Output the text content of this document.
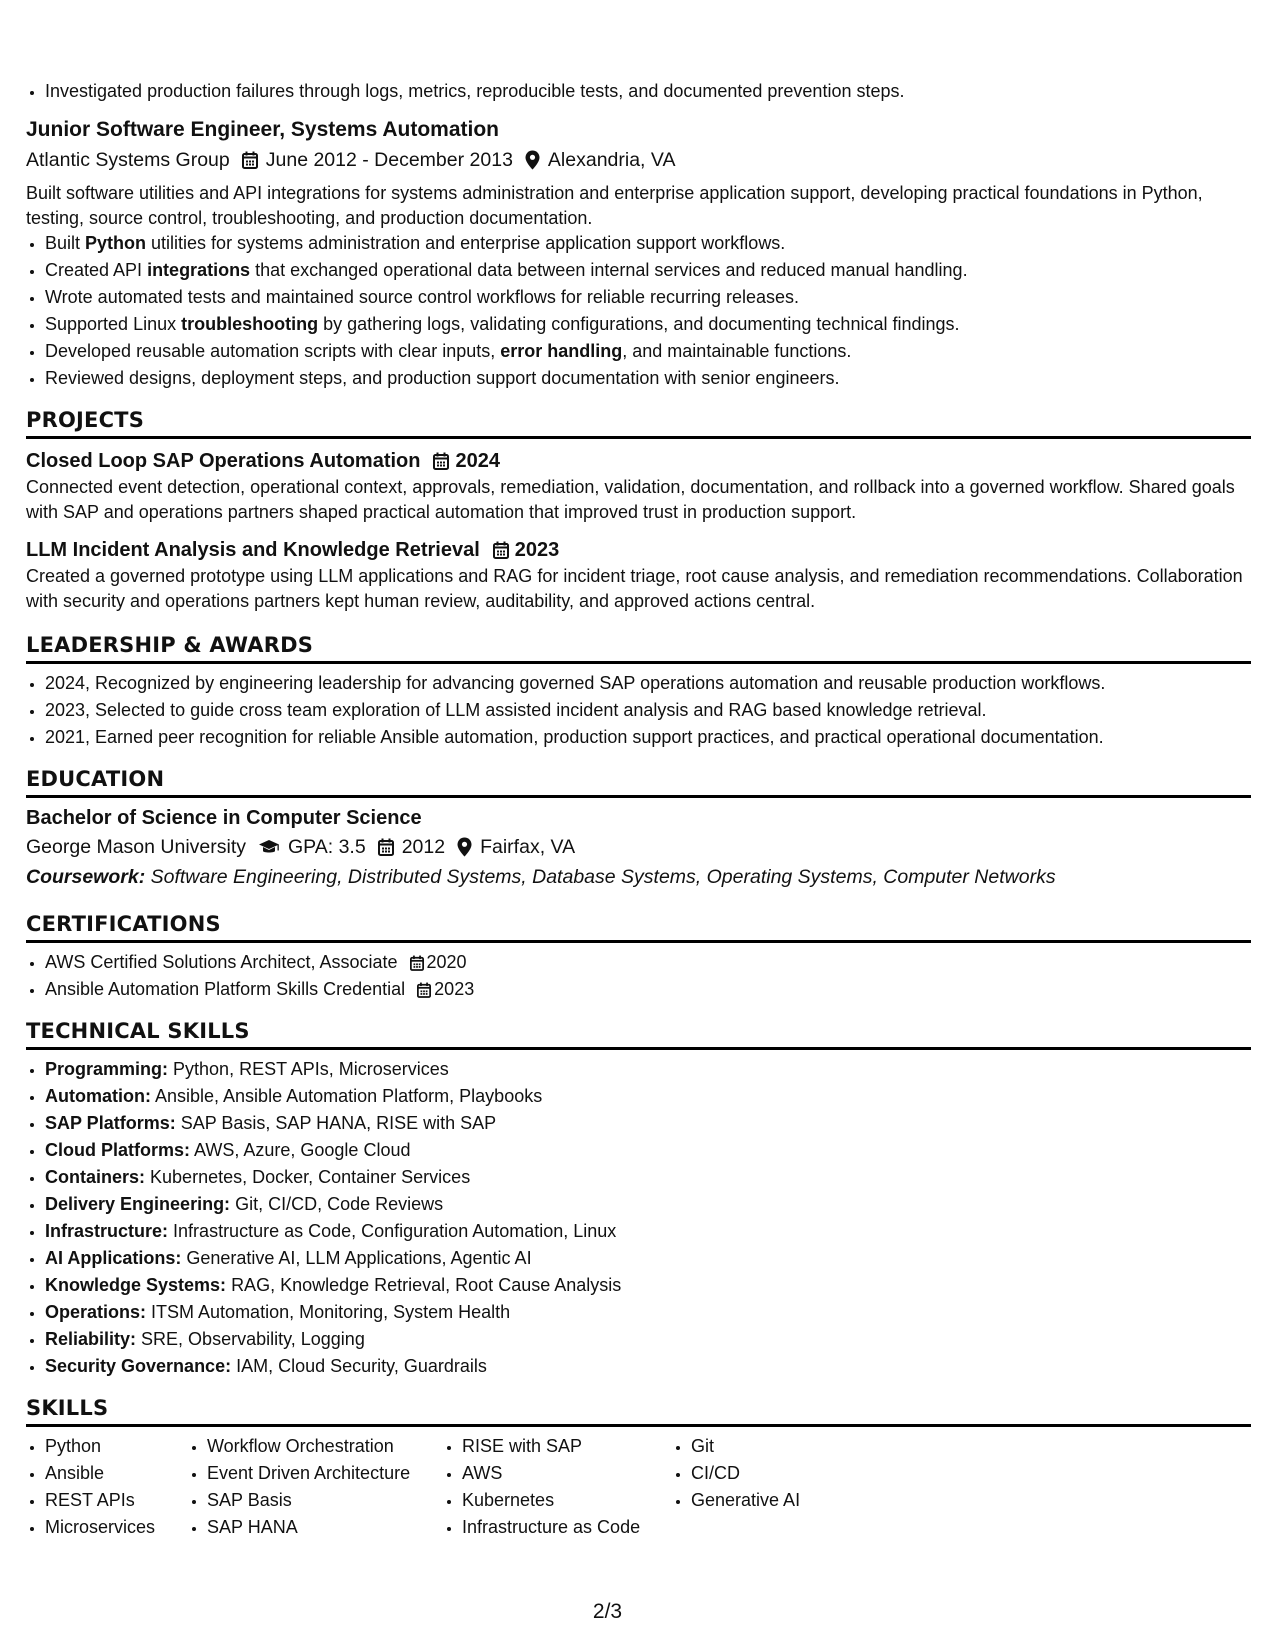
• Investigated production failures through logs, metrics, reproducible tests, and documented prevention steps.
Junior Software Engineer, Systems Automation
Atlantic Systems Group June 2012 - December 2013 Alexandria, VA
Built software utilities and API integrations for systems administration and enterprise application support, developing practical foundations in Python, testing, source control, troubleshooting, and production documentation.
• Built Python utilities for systems administration and enterprise application support workflows.
• Created API integrations that exchanged operational data between internal services and reduced manual handling.
• Wrote automated tests and maintained source control workflows for reliable recurring releases.
• Supported Linux troubleshooting by gathering logs, validating configurations, and documenting technical findings.
• Developed reusable automation scripts with clear inputs, error handling, and maintainable functions.
• Reviewed designs, deployment steps, and production support documentation with senior engineers.
PROJECTS
Closed Loop SAP Operations Automation 2024
Connected event detection, operational context, approvals, remediation, validation, documentation, and rollback into a governed workflow. Shared goals with SAP and operations partners shaped practical automation that improved trust in production support.
LLM Incident Analysis and Knowledge Retrieval 2023
Created a governed prototype using LLM applications and RAG for incident triage, root cause analysis, and remediation recommendations. Collaboration with security and operations partners kept human review, auditability, and approved actions central.
LEADERSHIP & AWARDS
• 2024, Recognized by engineering leadership for advancing governed SAP operations automation and reusable production workflows.
• 2023, Selected to guide cross team exploration of LLM assisted incident analysis and RAG based knowledge retrieval.
• 2021, Earned peer recognition for reliable Ansible automation, production support practices, and practical operational documentation.
EDUCATION
Bachelor of Science in Computer Science
George Mason University GPA: 3.5 2012 Fairfax, VA
Coursework: Software Engineering, Distributed Systems, Database Systems, Operating Systems, Computer Networks
CERTIFICATIONS
• AWS Certified Solutions Architect, Associate 2020
• Ansible Automation Platform Skills Credential 2023
TECHNICAL SKILLS
• Programming: Python, REST APIs, Microservices
• Automation: Ansible, Ansible Automation Platform, Playbooks
• SAP Platforms: SAP Basis, SAP HANA, RISE with SAP
• Cloud Platforms: AWS, Azure, Google Cloud
• Containers: Kubernetes, Docker, Container Services
• Delivery Engineering: Git, CI/CD, Code Reviews
• Infrastructure: Infrastructure as Code, Configuration Automation, Linux
• AI Applications: Generative AI, LLM Applications, Agentic AI
• Knowledge Systems: RAG, Knowledge Retrieval, Root Cause Analysis
• Operations: ITSM Automation, Monitoring, System Health
• Reliability: SRE, Observability, Logging
• Security Governance: IAM, Cloud Security, Guardrails
SKILLS
• Python
• Ansible
• REST APIs
• Microservices
• Workflow Orchestration
• Event Driven Architecture
• SAP Basis
• SAP HANA
• RISE with SAP
• AWS
• Kubernetes
• Infrastructure as Code
• Git
• CI/CD
• Generative AI
2/3
